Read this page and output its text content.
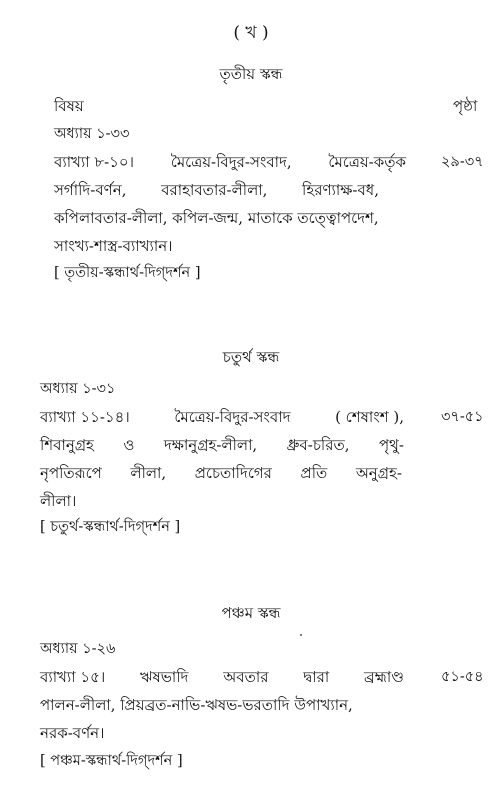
( খ )
তৃতীয় স্কন্ধ
বিষয়	পৃষ্ঠা
অধ্যায় ১-৩৩
ব্যাখ্যা ৮-১০। মৈত্রেয়-বিদুর-সংবাদ, মৈত্রেয়-কর্তৃক ২৯-৩৭
সর্গাদি-বর্ণন, বরাহাবতার-লীলা, হিরণ্যাক্ষ-বধ,
কপিলাবতার-লীলা, কপিল-জন্ম, মাতাকে তত্ত্বোপদেশ,
সাংখ্য-শাস্ত্র-ব্যাখ্যান।
[ তৃতীয়-স্কন্ধার্থ-দিগ্‌দর্শন ]
চতুর্থ স্কন্ধ
অধ্যায় ১-৩১
ব্যাখ্যা ১১-১৪।	মৈত্রেয়-বিদুর-সংবাদ	( শেষাংশ ),	৩৭-৫১
শিবানুগ্রহ ও দক্ষানুগ্রহ-লীলা, ধ্রুব-চরিত, পৃথু-
নৃপতিরূপে লীলা, প্রচেতাদিগের প্রতি অনুগ্রহ-
লীলা।
[ চতুর্থ-স্কন্ধার্থ-দিগ্‌দর্শন ]
পঞ্চম স্কন্ধ
অধ্যায় ১-২৬
ব্যাখ্যা ১৫। ঋষভাদি অবতার দ্বারা ব্রহ্মাণ্ড	৫১-৫৪
পালন-লীলা, প্রিয়ব্রত-নাভি-ঋষভ-ভরতাদি উপাখ্যান,
নরক-বর্ণন।
[ পঞ্চম-স্কন্ধার্থ-দিগ্‌দর্শন ]
